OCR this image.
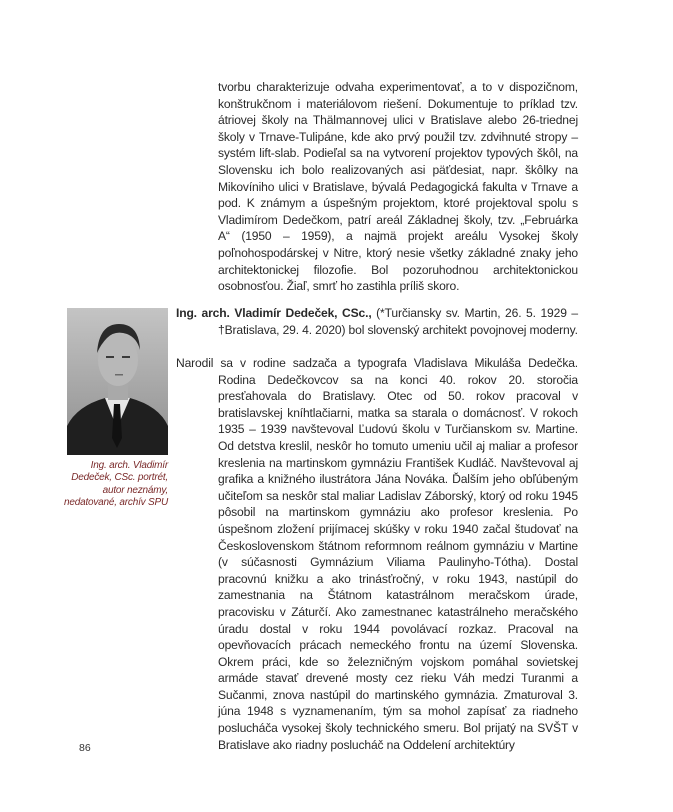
tvorbu charakterizuje odvaha experimentovať, a to v dispozičnom, konštrukčnom i materiálovom riešení. Dokumentuje to príklad tzv. átriovej školy na Thälmannovej ulici v Bratislave alebo 26-triednej školy v Trnave-Tulipáne, kde ako prvý použil tzv. zdvihnuté stropy – systém lift-slab. Podieľal sa na vytvorení projektov typových škôl, na Slovensku ich bolo realizovaných asi päťdesiat, napr. škôlky na Mikovíniho ulici v Bratislave, bývalá Pedagogická fakulta v Trnave a pod. K známym a úspešným projektom, ktoré projektoval spolu s Vladimírom Dedečkom, patrí areál Základnej školy, tzv. „Februárka A“ (1950 – 1959), a najmä projekt areálu Vysokej školy poľnohospodárskej v Nitre, ktorý nesie všetky základné znaky jeho architektonickej filozofie. Bol pozoruhodnou architektonickou osobnosťou. Žiaľ, smrť ho zastihla príliš skoro.

Ing. arch. Vladimír Dedeček, CSc., (*Turčiansky sv. Martin, 26. 5. 1929 – †Bratislava, 29. 4. 2020) bol slovenský architekt povojnovej moderny.

Narodil sa v rodine sadzača a typografa Vladislava Mikuláša Dedečka. Rodina Dedečkovcov sa na konci 40. rokov 20. storočia presťahovala do Bratislavy. Otec od 50. rokov pracoval v bratislavskej kníhtlačiarni, matka sa starala o domácnosť. V rokoch 1935 – 1939 navštevoval Ľudovú školu v Turčianskom sv. Martine. Od detstva kreslil, neskôr ho tomuto umeniu učil aj maliar a profesor kreslenia na martinskom gymnáziu František Kudláč. Navštevoval aj grafika a knižného ilustrátora Jána Nováka. Ďalším jeho obľúbeným učiteľom sa neskôr stal maliar Ladislav Záborský, ktorý od roku 1945 pôsobil na martinskom gymnáziu ako profesor kreslenia. Po úspešnom zložení prijímacej skúšky v roku 1940 začal študovať na Československom štátnom reformnom reálnom gymnáziu v Martine (v súčasnosti Gymnázium Viliama Paulinyho-Tótha). Dostal pracovnú knižku a ako trinásťročný, v roku 1943, nastúpil do zamestnania na Štátnom katastrálnom meračskom úrade, pracovisku v Záturčí. Ako zamestnanec katastrálneho meračského úradu dostal v roku 1944 povolávací rozkaz. Pracoval na opevňovacích prácach nemeckého frontu na území Slovenska. Okrem práci, kde so železničným vojskom pomáhal sovietskej armáde stavať drevené mosty cez rieku Váh medzi Turanmi a Sučanmi, znova nastúpil do martinského gymnázia. Zmaturoval 3. júna 1948 s vyznamenaním, tým sa mohol zapísať za riadneho poslucháča vysokej školy technického smeru. Bol prijatý na SVŠT v Bratislave ako riadny poslucháč na Oddelení architektúry

Ing. arch. Vladimír
Dedeček, CSc. portrét,
autor neznámy,
nedatované, archív SPU
86
